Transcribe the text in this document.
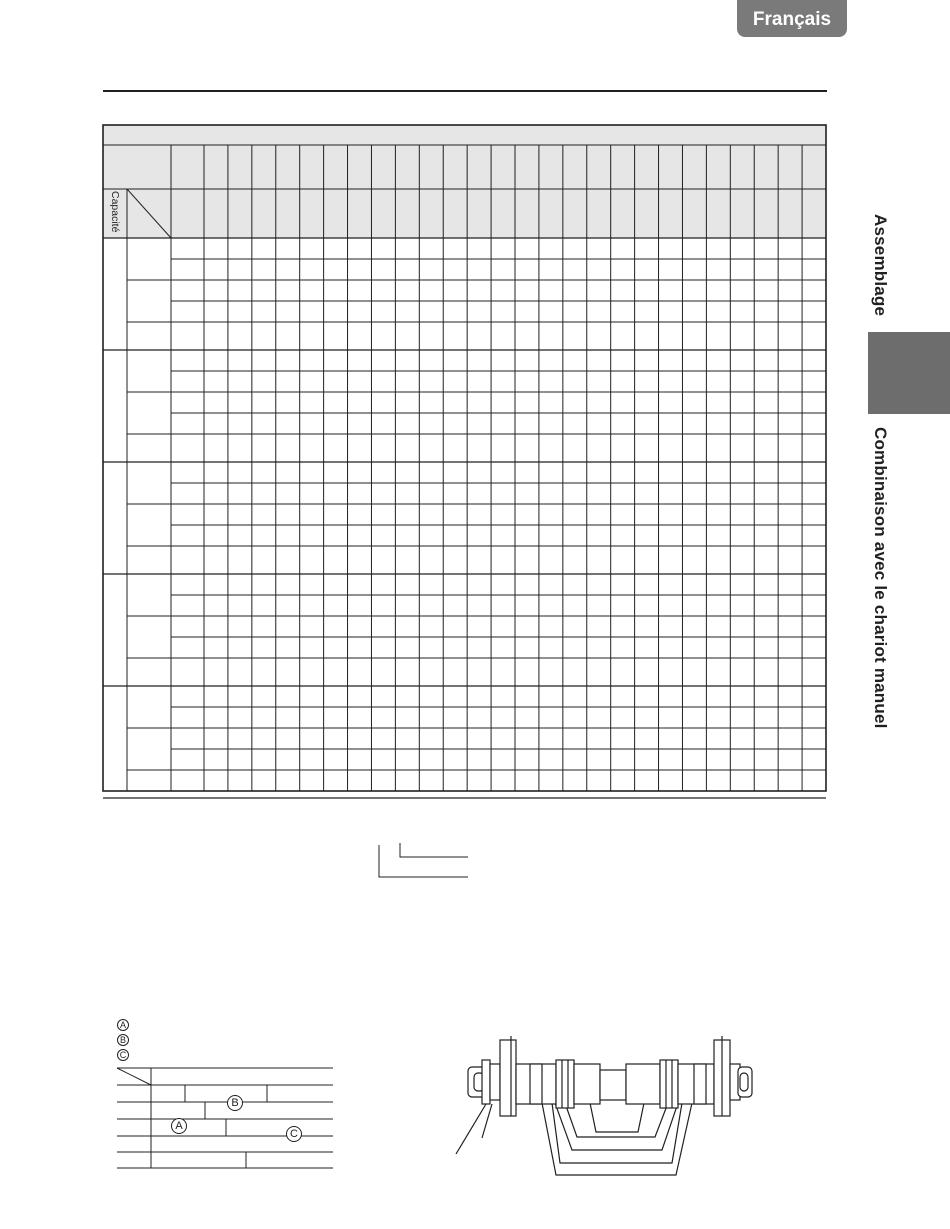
Français
Assemblage
Combinaison avec le chariot manuel
Capacité
A
B
C
B
A
C
